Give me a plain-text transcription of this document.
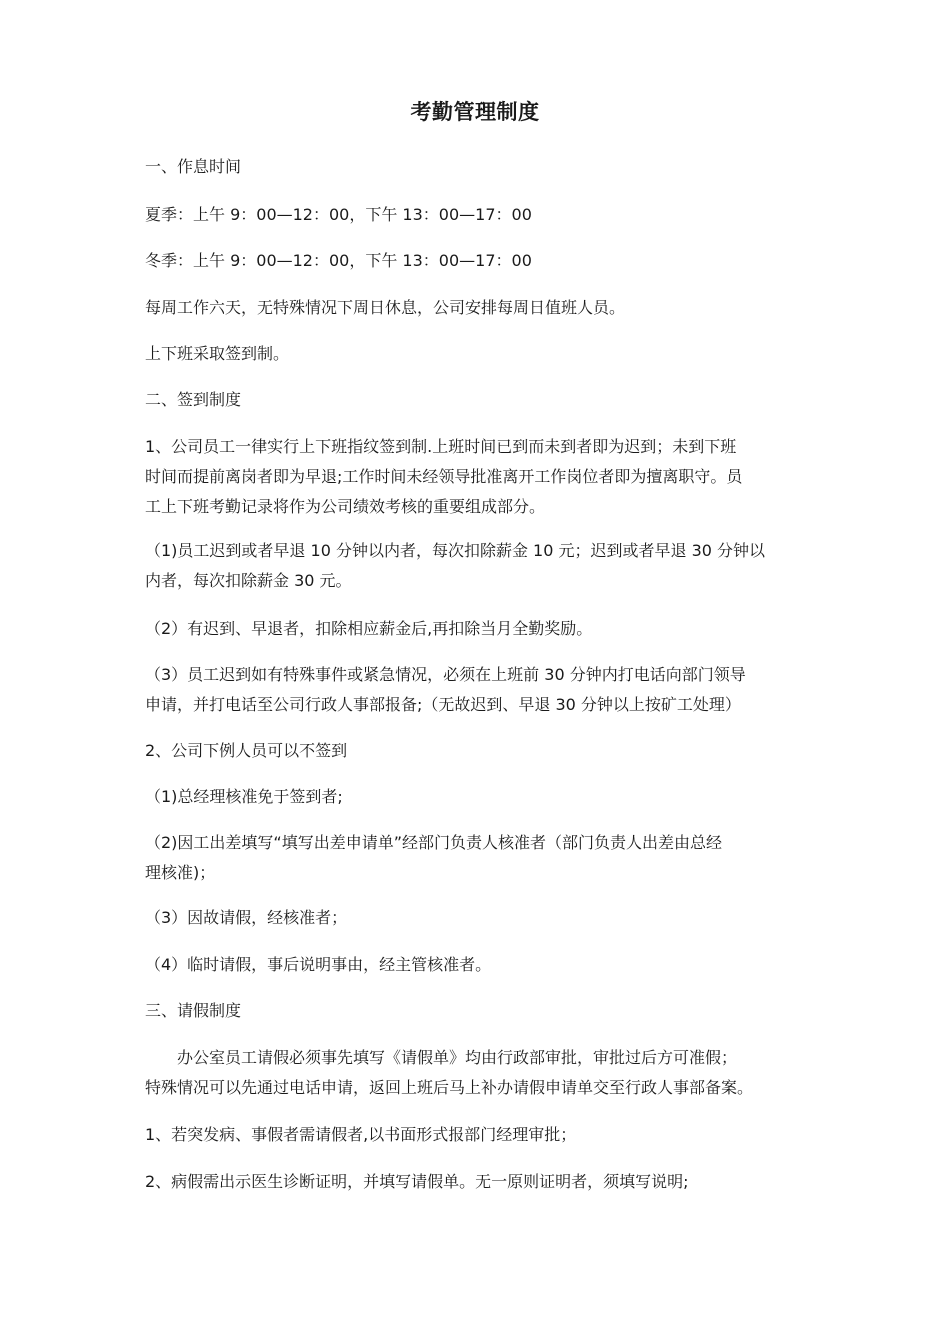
考勤管理制度
一、作息时间
夏季：上午 9：00—12：00，下午 13：00—17：00
冬季：上午 9：00—12：00，下午 13：00—17：00
每周工作六天，无特殊情况下周日休息，公司安排每周日值班人员。
上下班采取签到制。
二、签到制度
1、公司员工一律实行上下班指纹签到制.上班时间已到而未到者即为迟到；未到下班
时间而提前离岗者即为早退;工作时间未经领导批准离开工作岗位者即为擅离职守。员
工上下班考勤记录将作为公司绩效考核的重要组成部分。
（1)员工迟到或者早退 10 分钟以内者，每次扣除薪金 10 元；迟到或者早退 30 分钟以
内者，每次扣除薪金 30 元。
（2）有迟到、早退者，扣除相应薪金后,再扣除当月全勤奖励。
（3）员工迟到如有特殊事件或紧急情况，必须在上班前 30 分钟内打电话向部门领导
申请，并打电话至公司行政人事部报备;（无故迟到、早退 30 分钟以上按矿工处理）
2、公司下例人员可以不签到
（1)总经理核准免于签到者;
（2)因工出差填写“填写出差申请单”经部门负责人核准者（部门负责人出差由总经
理核准)；
（3）因故请假，经核准者；
（4）临时请假，事后说明事由，经主管核准者。
三、请假制度
办公室员工请假必须事先填写《请假单》均由行政部审批，审批过后方可准假；
特殊情况可以先通过电话申请，返回上班后马上补办请假申请单交至行政人事部备案。
1、若突发病、事假者需请假者,以书面形式报部门经理审批；
2、病假需出示医生诊断证明，并填写请假单。无一原则证明者，须填写说明;
